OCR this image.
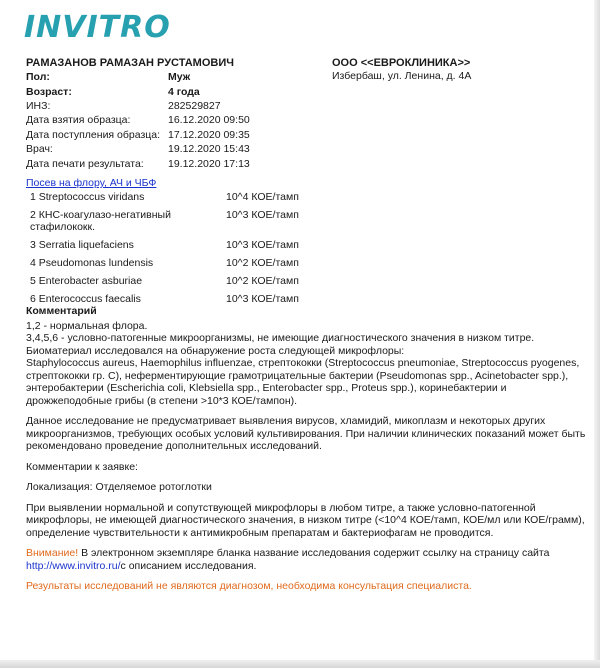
INVITRO
РАМАЗАНОВ РАМАЗАН РУСТАМОВИЧ
Пол:	Муж
Возраст:	4 года
ИНЗ:	282529827
Дата взятия образца:	16.12.2020 09:50
Дата поступления образца: 17.12.2020 09:35
Врач:	19.12.2020 15:43
Дата печати результата:	19.12.2020 17:13
ООО <<ЕВРОКЛИНИКА>>
Избербаш, ул. Ленина, д. 4А
Посев на флору, АЧ и ЧБФ
1 Streptococcus viridans	10^4 КОЕ/тамп
2 КНС-коагулазо-негативный стафилококк.
10^3 КОЕ/тамп
3 Serratia liquefaciens	10^3 КОЕ/тамп
4 Pseudomonas lundensis	10^2 КОЕ/тамп
5 Enterobacter asburiae	10^2 КОЕ/тамп
6 Enterococcus faecalis	10^3 КОЕ/тамп
Комментарий

1,2 - нормальная флора.

3,4,5,6 - условно-патогенные микроорганизмы, не имеющие диагностического значения в низком титре.

Биоматериал исследовался на обнаружение роста следующей микрофлоры:

Staphylococcus aureus, Haemophilus influenzae, стрептококки (Streptococcus pneumoniae, Streptococcus pyogenes, стрептококки гр. C), неферментирующие грамотрицательные бактерии (Pseudomonas spp., Acinetobacter spp.), энтеробактерии (Escherichia coli, Klebsiella spp., Enterobacter spp., Proteus spp.), коринебактерии и дрожжеподобные грибы (в степени >10*3 КОЕ/тампон).

Данное исследование не предусматривает выявления вирусов, хламидий, микоплазм и некоторых других микроорганизмов, требующих особых условий культивирования. При наличии клинических показаний может быть рекомендовано проведение дополнительных исследований.

Комментарии к заявке:

Локализация: Отделяемое ротоглотки

При выявлении нормальной и сопутствующей микрофлоры в любом титре, а также условно-патогенной микрофлоры, не имеющей диагностического значения, в низком титре (<10^4 КОЕ/тамп, КОЕ/мл или КОЕ/грамм), определение чувствительности к антимикробным препаратам и бактериофагам не проводится.

Внимание! В электронном экземпляре бланка название исследования содержит ссылку на страницу сайта
http://www.invitro.ru/с описанием исследования.

Результаты исследований не являются диагнозом, необходима консультация специалиста.
